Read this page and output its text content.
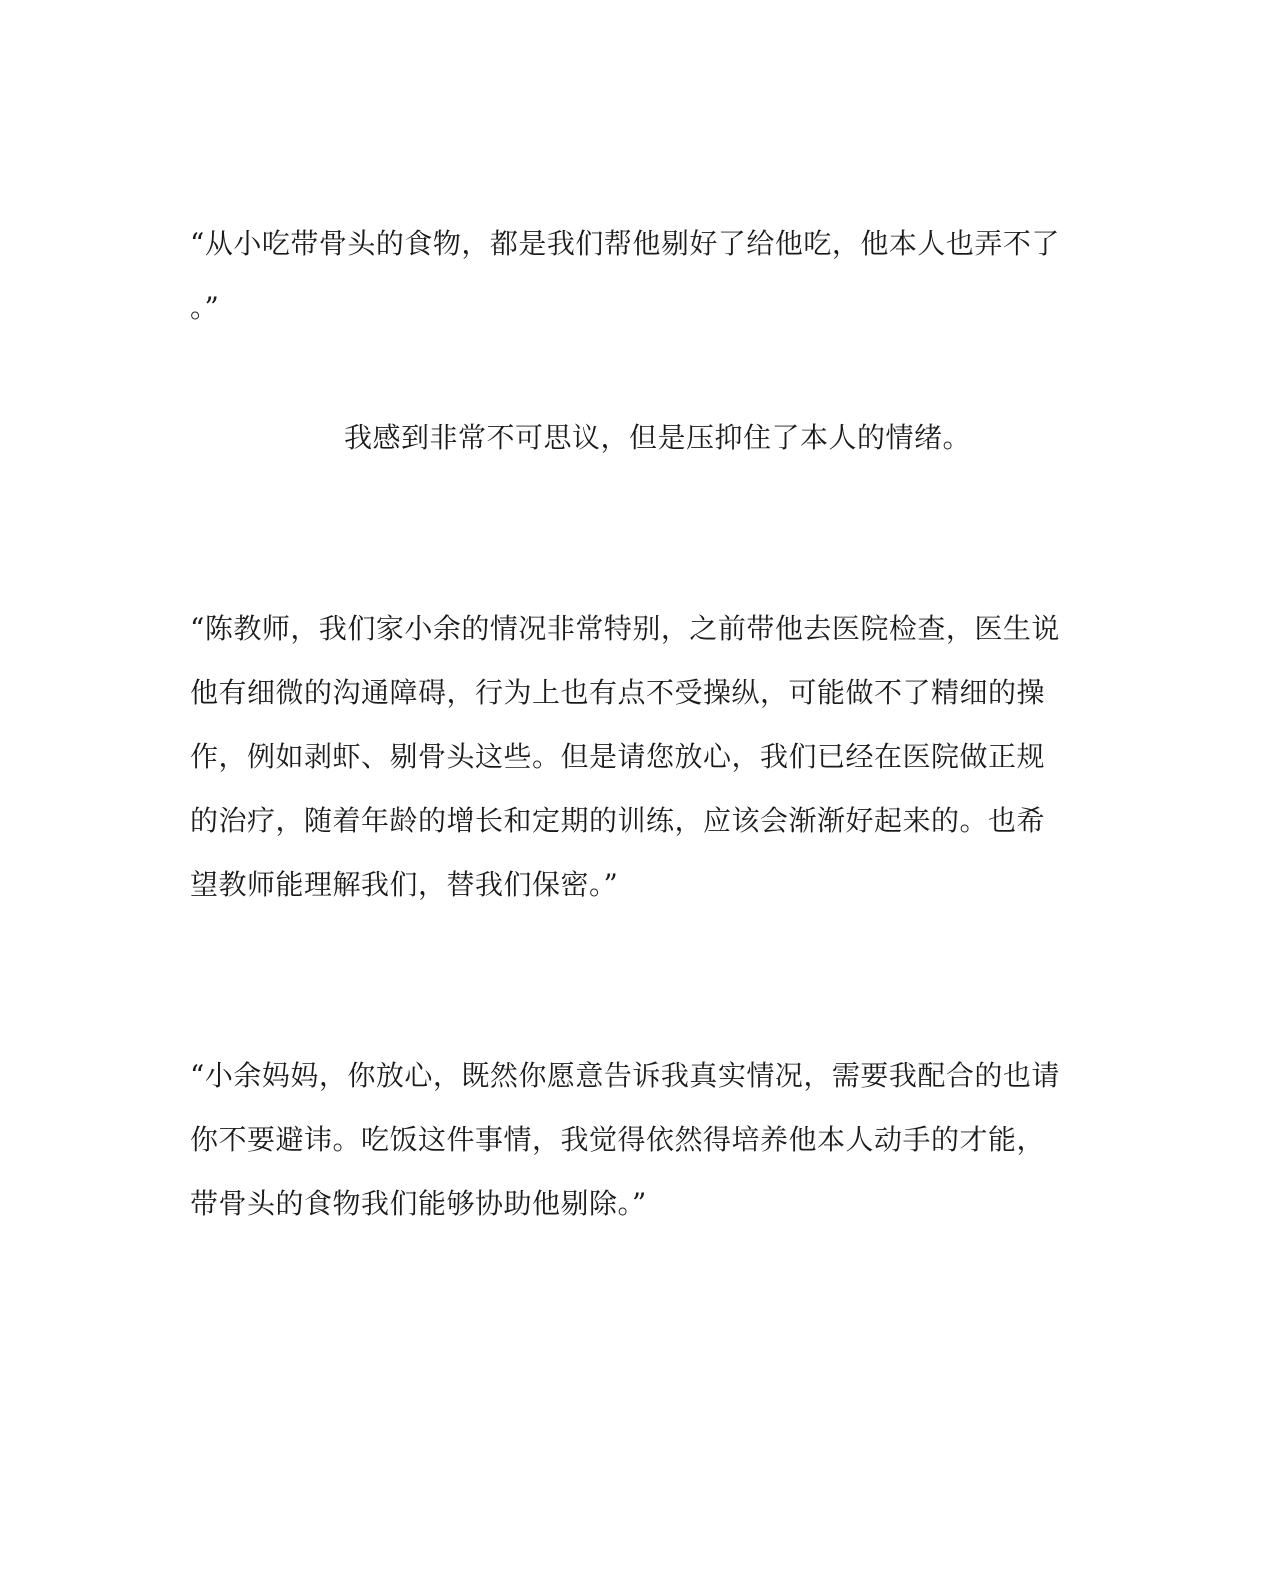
“从小吃带骨头的食物，都是我们帮他剔好了给他吃，他本人也弄不了
。”
我感到非常不可思议，但是压抑住了本人的情绪。
“陈教师，我们家小余的情况非常特别，之前带他去医院检查，医生说
他有细微的沟通障碍，行为上也有点不受操纵，可能做不了精细的操
作，例如剥虾、剔骨头这些。但是请您放心，我们已经在医院做正规
的治疗，随着年龄的增长和定期的训练，应该会渐渐好起来的。也希
望教师能理解我们，替我们保密。”
“小余妈妈，你放心，既然你愿意告诉我真实情况，需要我配合的也请
你不要避讳。吃饭这件事情，我觉得依然得培养他本人动手的才能，
带骨头的食物我们能够协助他剔除。”
